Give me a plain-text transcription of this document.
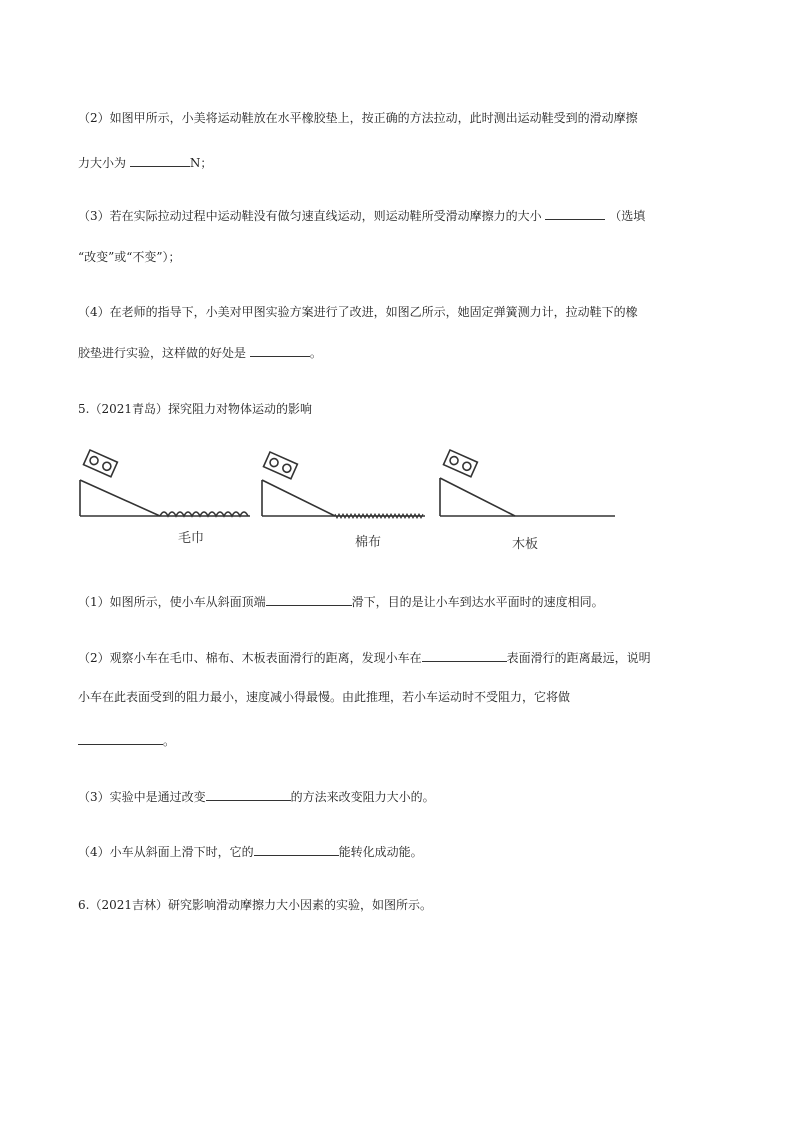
（2）如图甲所示，小美将运动鞋放在水平橡胶垫上，按正确的方法拉动，此时测出运动鞋受到的滑动摩擦
力大小为	N；
（3）若在实际拉动过程中运动鞋没有做匀速直线运动，则运动鞋所受滑动摩擦力的大小	（选填
“改变”或“不变”）；
（4）在老师的指导下，小美对甲图实验方案进行了改进，如图乙所示，她固定弹簧测力计，拉动鞋下的橡
胶垫进行实验，这样做的好处是	。
5.（2021青岛）探究阻力对物体运动的影响
毛巾	棉布	木板
（1）如图所示，使小车从斜面顶端	滑下，目的是让小车到达水平面时的速度相同。
（2）观察小车在毛巾、棉布、木板表面滑行的距离，发现小车在	表面滑行的距离最远，说明
小车在此表面受到的阻力最小，速度减小得最慢。由此推理，若小车运动时不受阻力，它将做
。
（3）实验中是通过改变	的方法来改变阻力大小的。
（4）小车从斜面上滑下时，它的	能转化成动能。
6.（2021吉林）研究影响滑动摩擦力大小因素的实验，如图所示。
